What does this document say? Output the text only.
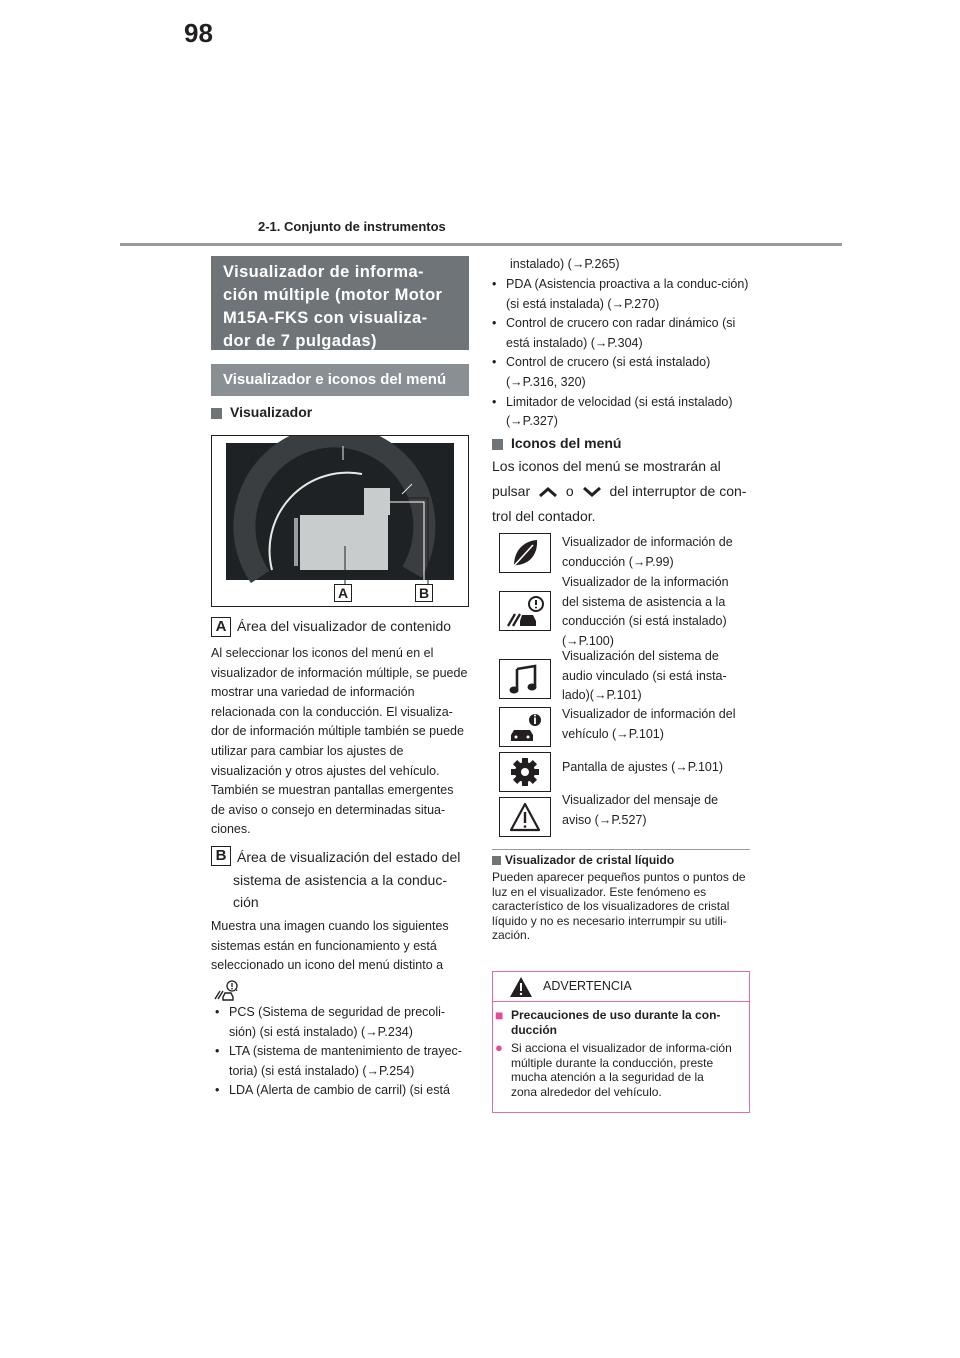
98
2-1. Conjunto de instrumentos
Visualizador de informa-
ción múltiple (motor Motor M15A-FKS con visualiza-
dor de 7 pulgadas)
Visualizador e iconos del menú
Visualizador
A	B
A Área del visualizador de contenido
Al seleccionar los iconos del menú en el visualizador de información múltiple, se puede mostrar una variedad de información relacionada con la conducción. El visualiza-dor de información múltiple también se puede utilizar para cambiar los ajustes de visualización y otros ajustes del vehículo.
También se muestran pantallas emergentes de aviso o consejo en determinadas situa-ciones.
B Área de visualización del estado del sistema de asistencia a la conduc-ción
Muestra una imagen cuando los siguientes sistemas están en funcionamiento y está seleccionado un icono del menú distinto a
:
• PCS (Sistema de seguridad de precoli-sión) (si está instalado) (→P.234)
• LTA (sistema de mantenimiento de trayec-toria) (si está instalado) (→P.254)
• LDA (Alerta de cambio de carril) (si está
instalado) (→P.265)
• PDA (Asistencia proactiva a la conduc-ción) (si está instalada) (→P.270)
• Control de crucero con radar dinámico (si está instalado) (→P.304)
• Control de crucero (si está instalado) (→P.316, 320)
• Limitador de velocidad (si está instalado) (→P.327)
Iconos del menú
Los iconos del menú se mostrarán al
pulsar	o	del interruptor de con-
trol del contador.
Visualizador de información de conducción (→P.99)
Visualizador de la información del sistema de asistencia a la conducción (si está instalado) (→P.100)
Visualización del sistema de audio vinculado (si está insta-lado)(→P.101)
Visualizador de información del vehículo (→P.101)
Pantalla de ajustes (→P.101)
Visualizador del mensaje de aviso (→P.527)
Visualizador de cristal líquido
Pueden aparecer pequeños puntos o puntos de luz en el visualizador. Este fenómeno es característico de los visualizadores de cristal líquido y no es necesario interrumpir su utili-zación.
ADVERTENCIA
■ Precauciones de uso durante la con-ducción
● Si acciona el visualizador de informa-ción múltiple durante la conducción, preste mucha atención a la seguridad de la zona alrededor del vehículo.
